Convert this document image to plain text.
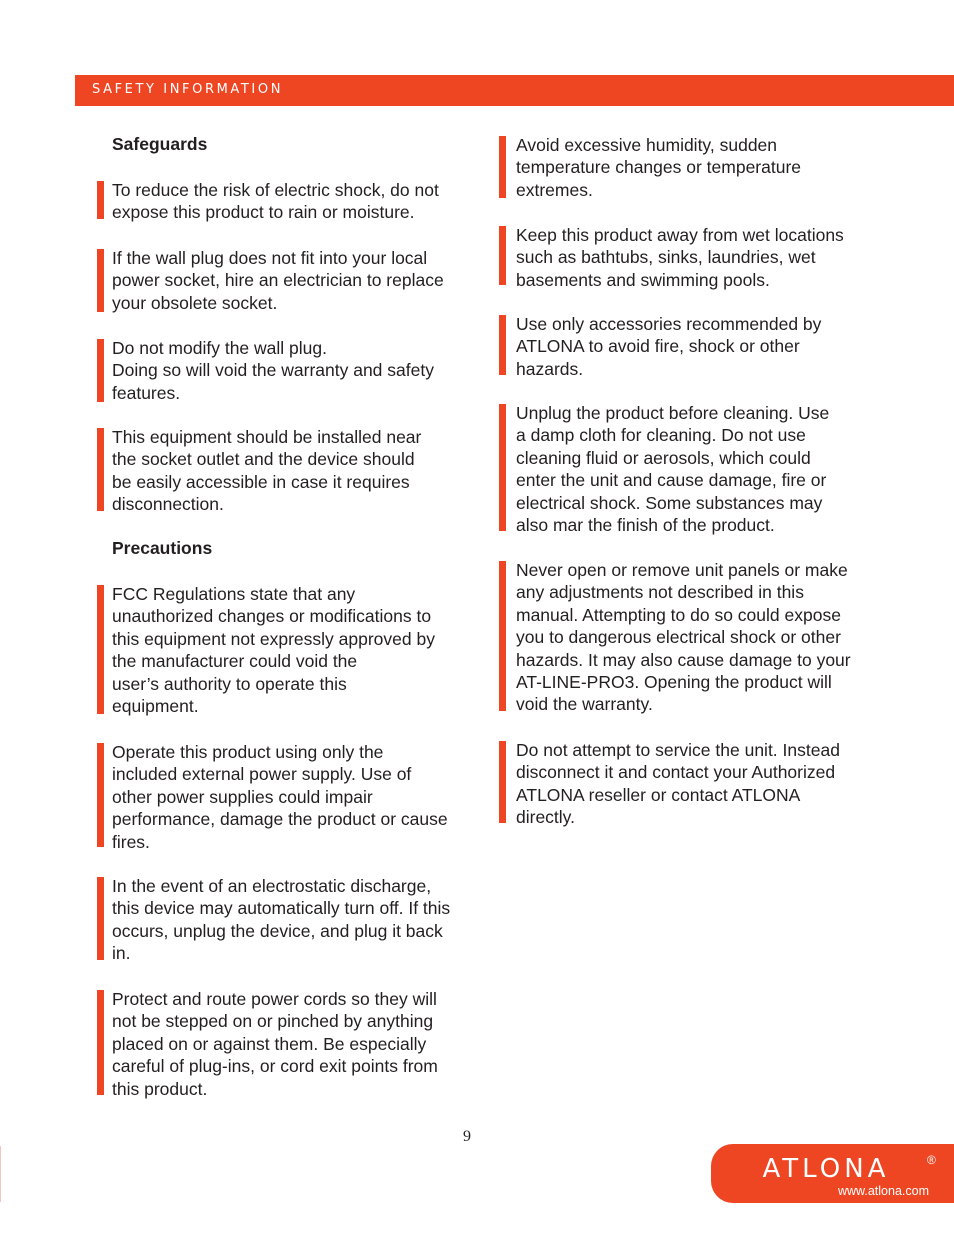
SAFETY INFORMATION
Safeguards
To reduce the risk of electric shock, do not
expose this product to rain or moisture.
If the wall plug does not fit into your local
power socket, hire an electrician to replace
your obsolete socket.
Do not modify the wall plug.
Doing so will void the warranty and safety
features.
This equipment should be installed near
the socket outlet and the device should
be easily accessible in case it requires
disconnection.
Precautions
FCC Regulations state that any
unauthorized changes or modifications to
this equipment not expressly approved by
the manufacturer could void the
user’s authority to operate this
equipment.
Operate this product using only the
included external power supply. Use of
other power supplies could impair
performance, damage the product or cause
fires.
In the event of an electrostatic discharge,
this device may automatically turn off. If this
occurs, unplug the device, and plug it back
in.
Protect and route power cords so they will
not be stepped on or pinched by anything
placed on or against them. Be especially
careful of plug-ins, or cord exit points from
this product.
Avoid excessive humidity, sudden
temperature changes or temperature
extremes.
Keep this product away from wet locations
such as bathtubs, sinks, laundries, wet
basements and swimming pools.
Use only accessories recommended by
ATLONA to avoid fire, shock or other
hazards.
Unplug the product before cleaning. Use
a damp cloth for cleaning. Do not use
cleaning fluid or aerosols, which could
enter the unit and cause damage, fire or
electrical shock. Some substances may
also mar the finish of the product.
Never open or remove unit panels or make
any adjustments not described in this
manual. Attempting to do so could expose
you to dangerous electrical shock or other
hazards. It may also cause damage to your
AT-LINE-PRO3. Opening the product will
void the warranty.
Do not attempt to service the unit. Instead
disconnect it and contact your Authorized
ATLONA reseller or contact ATLONA
directly.
9
ATLONA	®
www.atlona.com
